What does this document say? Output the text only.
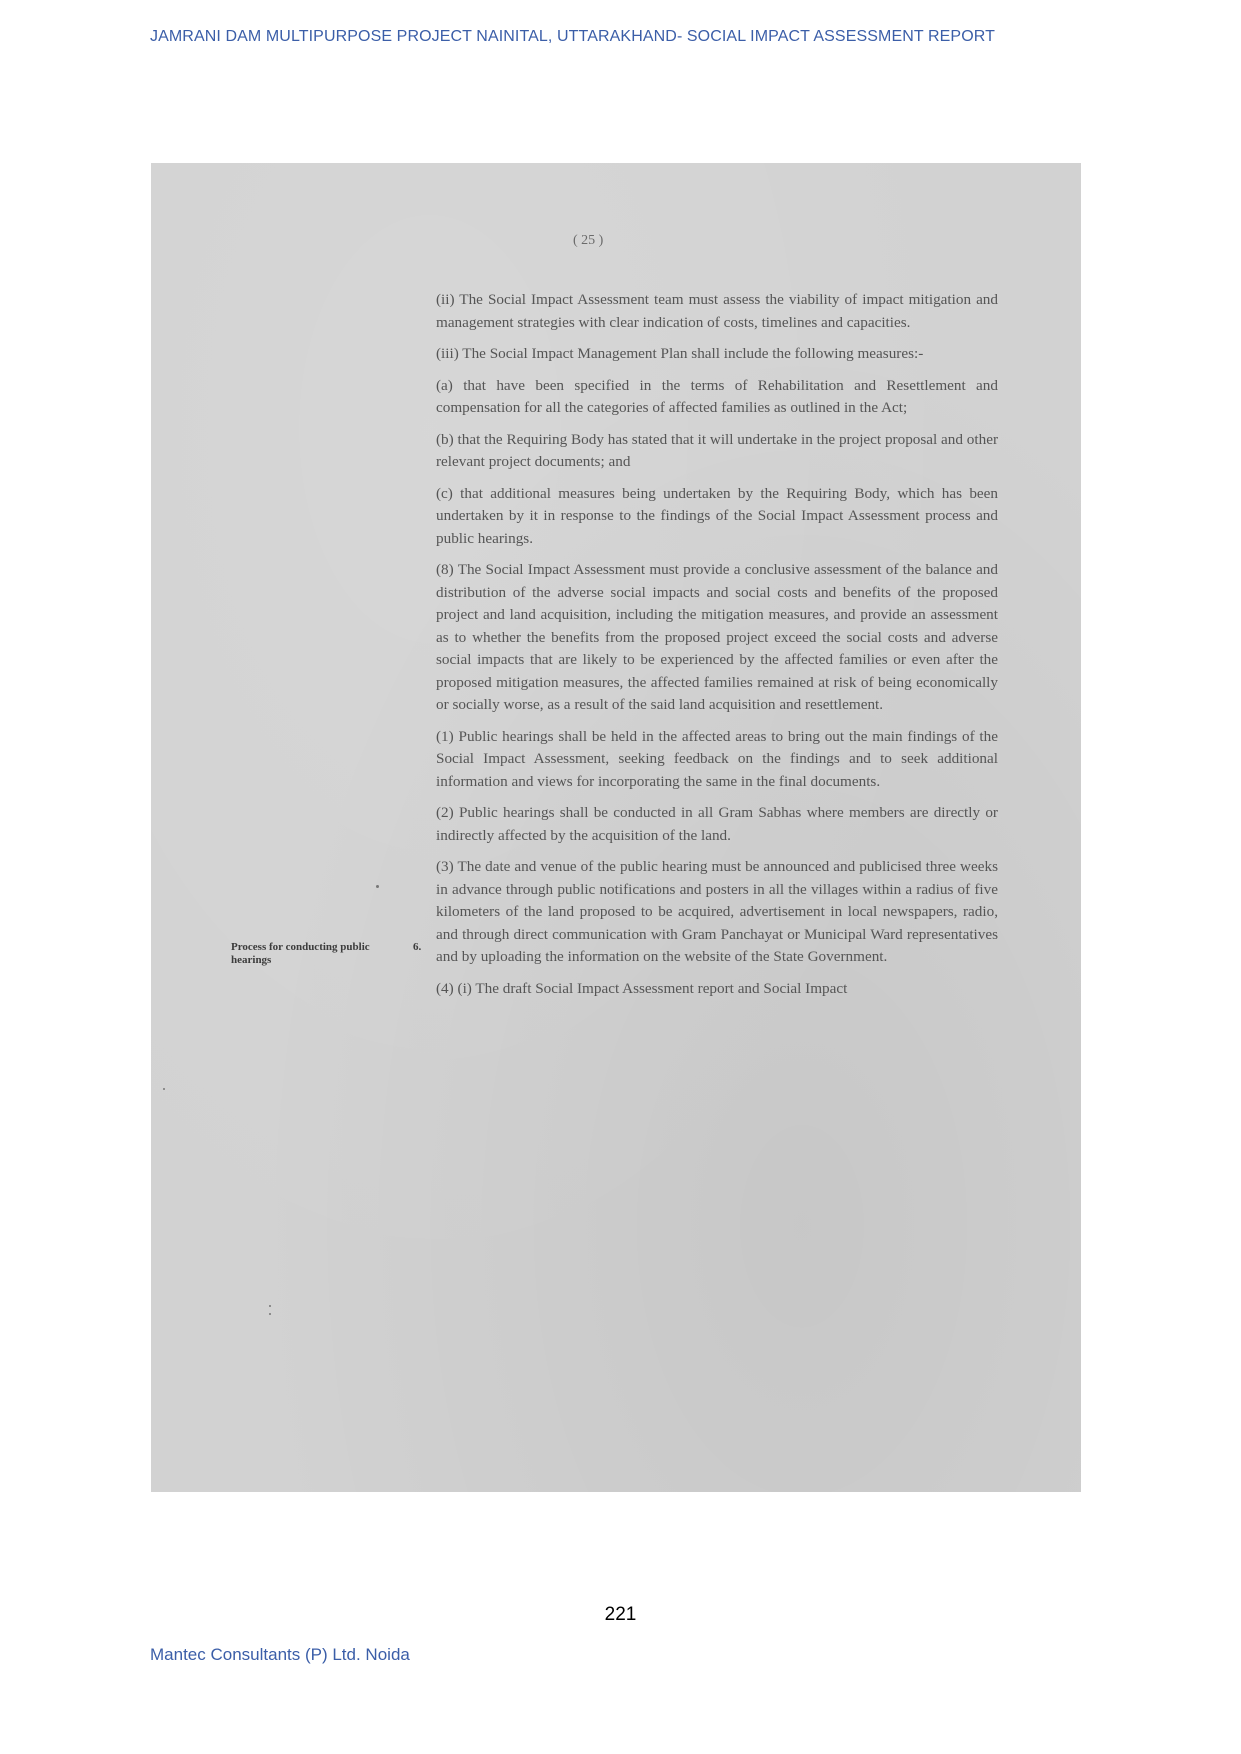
JAMRANI DAM MULTIPURPOSE PROJECT NAINITAL, UTTARAKHAND- SOCIAL IMPACT ASSESSMENT REPORT
( 25 )
Process for conducting public hearings
6.

(ii) The Social Impact Assessment team must assess the viability of impact mitigation and management strategies with clear indication of costs, timelines and capacities.

(iii) The Social Impact Management Plan shall include the following measures:-

(a) that have been specified in the terms of Rehabilitation and Resettlement and compensation for all the categories of affected families as outlined in the Act;

(b) that the Requiring Body has stated that it will undertake in the project proposal and other relevant project documents; and

(c) that additional measures being undertaken by the Requiring Body, which has been undertaken by it in response to the findings of the Social Impact Assessment process and public hearings.

(8) The Social Impact Assessment must provide a conclusive assessment of the balance and distribution of the adverse social impacts and social costs and benefits of the proposed project and land acquisition, including the mitigation measures, and provide an assessment as to whether the benefits from the proposed project exceed the social costs and adverse social impacts that are likely to be experienced by the affected families or even after the proposed mitigation measures, the affected families remained at risk of being economically or socially worse, as a result of the said land acquisition and resettlement.

(1) Public hearings shall be held in the affected areas to bring out the main findings of the Social Impact Assessment, seeking feedback on the findings and to seek additional information and views for incorporating the same in the final documents.

(2) Public hearings shall be conducted in all Gram Sabhas where members are directly or indirectly affected by the acquisition of the land.

(3) The date and venue of the public hearing must be announced and publicised three weeks in advance through public notifications and posters in all the villages within a radius of five kilometers of the land proposed to be acquired, advertisement in local newspapers, radio, and through direct communication with Gram Panchayat or Municipal Ward representatives and by uploading the information on the website of the State Government.

(4) (i) The draft Social Impact Assessment report and Social Impact

221
Mantec Consultants (P) Ltd. Noida
